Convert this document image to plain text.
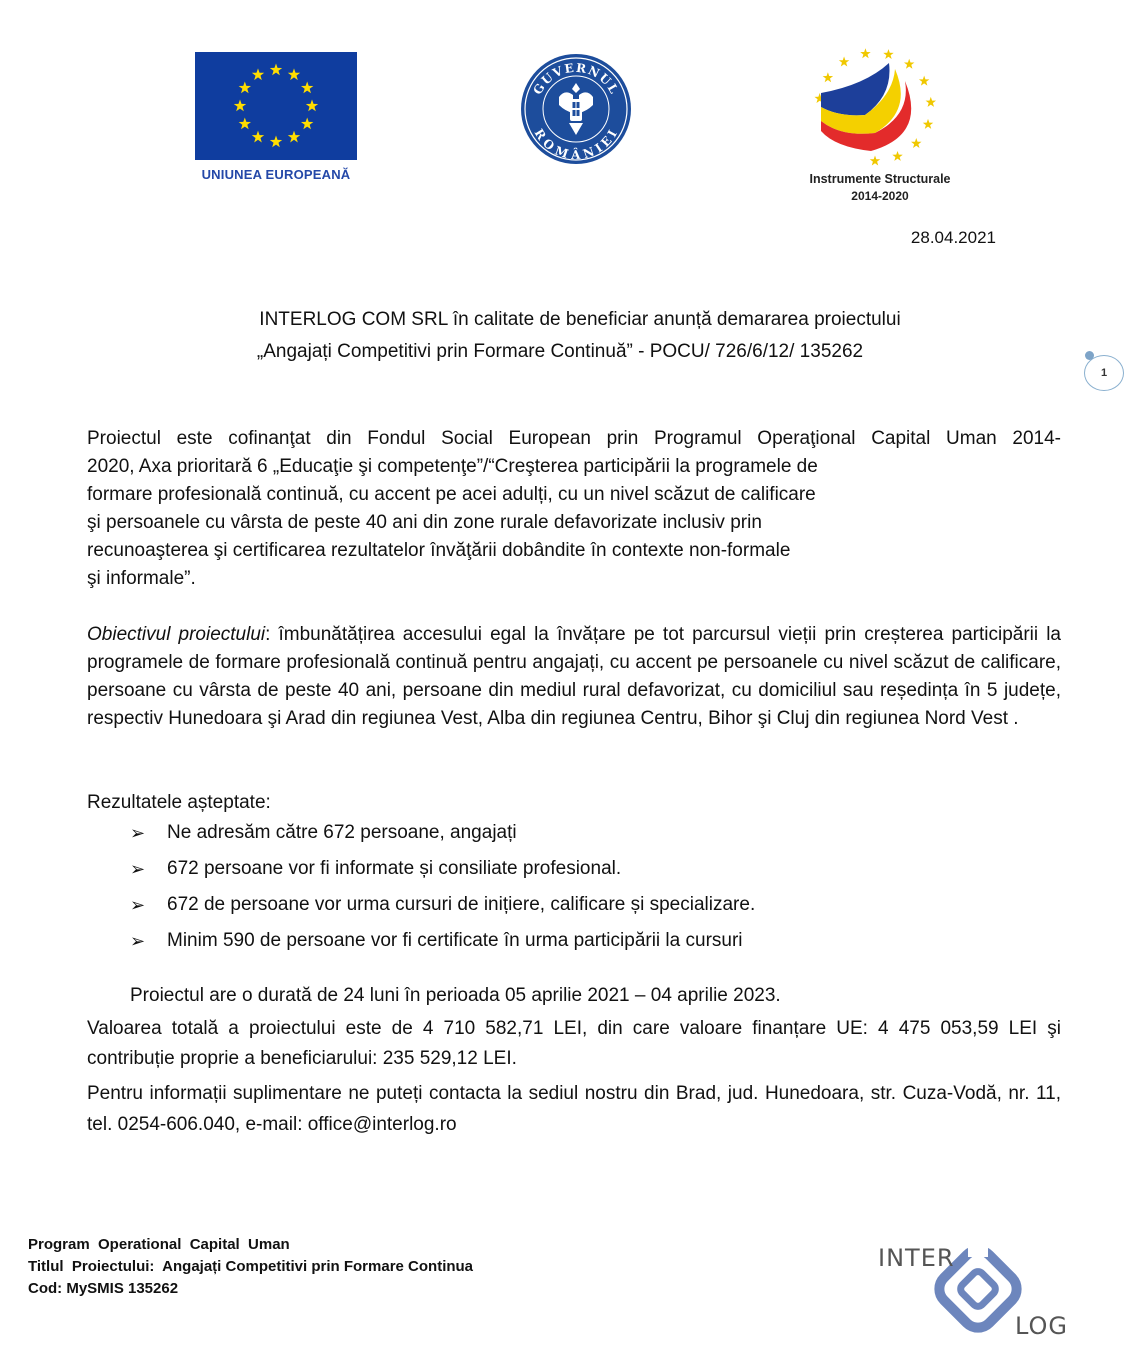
UNIUNEA EUROPEANĂ
GUVERNUL
ROMÂNIEI
Instrumente Structurale
2014-2020
28.04.2021
INTERLOG COM SRL în calitate de beneficiar anunță demararea proiectului
„Angajați Competitivi prin Formare Continuă” - POCU/ 726/6/12/ 135262
1
Proiectul este cofinanţat din Fondul Social European prin Programul Operaţional Capital Uman 2014-
2020, Axa prioritară 6 „Educaţie şi competenţe”/“Creşterea participării la programele de
formare profesională continuă, cu accent pe acei adulți, cu un nivel scăzut de calificare
şi persoanele cu vârsta de peste 40 ani din zone rurale defavorizate inclusiv prin
recunoaşterea şi certificarea rezultatelor învăţării dobândite în contexte non-formale
şi informale”.
Obiectivul proiectului: îmbunătățirea accesului egal la învățare pe tot parcursul vieții prin creșterea participării la programele de formare profesională continuă pentru angajați, cu accent pe persoanele cu nivel scăzut de calificare, persoane cu vârsta de peste 40 ani, persoane din mediul rural defavorizat, cu domiciliul sau reședința în 5 județe, respectiv Hunedoara şi Arad din regiunea Vest, Alba din regiunea Centru, Bihor şi Cluj din regiunea Nord Vest .
Rezultatele așteptate:
➢ Ne adresăm către 672 persoane, angajați
➢ 672 persoane vor fi informate și consiliate profesional.
➢ 672 de persoane vor urma cursuri de inițiere, calificare și specializare.
➢ Minim 590 de persoane vor fi certificate în urma participării la cursuri
Proiectul are o durată de 24 luni în perioada 05 aprilie 2021 – 04 aprilie 2023.
Valoarea totală a proiectului este de 4 710 582,71 LEI, din care valoare finanțare UE: 4 475 053,59 LEI şi contribuție proprie a beneficiarului: 235 529,12 LEI.
Pentru informații suplimentare ne puteți contacta la sediul nostru din Brad, jud. Hunedoara, str. Cuza-Vodă, nr. 11, tel. 0254-606.040, e-mail: office@interlog.ro
Program  Operational  Capital  Uman
Titlul  Proiectului:  Angajați Competitivi prin Formare Continua
Cod: MySMIS 135262
INTER
LOG
